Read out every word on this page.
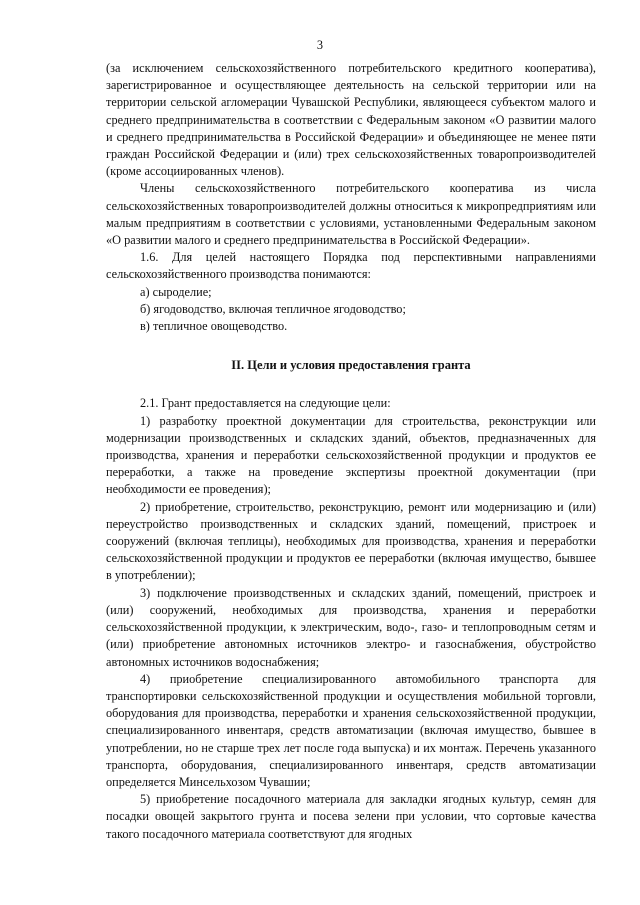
3

(за исключением сельскохозяйственного потребительского кредитного кооператива), зарегистрированное и осуществляющее деятельность на сельской территории или на территории сельской агломерации Чувашской Республики, являющееся субъектом малого и среднего предпринимательства в соответствии с Федеральным законом «О развитии малого и среднего предпринимательства в Российской Федерации» и объединяющее не менее пяти граждан Российской Федерации и (или) трех сельскохозяйственных товаропроизводителей (кроме ассоциированных членов).

Члены сельскохозяйственного потребительского кооператива из числа сельскохозяйственных товаропроизводителей должны относиться к микропредприятиям или малым предприятиям в соответствии с условиями, установленными Федеральным законом «О развитии малого и среднего предпринимательства в Российской Федерации».

1.6. Для целей настоящего Порядка под перспективными направлениями сельскохозяйственного производства понимаются:

а) сыроделие;

б) ягодоводство, включая тепличное ягодоводство;

в) тепличное овощеводство.

II. Цели и условия предоставления гранта

2.1. Грант предоставляется на следующие цели:

1) разработку проектной документации для строительства, реконструкции или модернизации производственных и складских зданий, объектов, предназначенных для производства, хранения и переработки сельскохозяйственной продукции и продуктов ее переработки, а также на проведение экспертизы проектной документации (при необходимости ее проведения);

2) приобретение, строительство, реконструкцию, ремонт или модернизацию и (или) переустройство производственных и складских зданий, помещений, пристроек и сооружений (включая теплицы), необходимых для производства, хранения и переработки сельскохозяйственной продукции и продуктов ее переработки (включая имущество, бывшее в употреблении);

3) подключение производственных и складских зданий, помещений, пристроек и (или) сооружений, необходимых для производства, хранения и переработки сельскохозяйственной продукции, к электрическим, водо-, газо- и теплопроводным сетям и (или) приобретение автономных источников электро- и газоснабжения, обустройство автономных источников водоснабжения;

4) приобретение специализированного автомобильного транспорта для транспортировки сельскохозяйственной продукции и осуществления мобильной торговли, оборудования для производства, переработки и хранения сельскохозяйственной продукции, специализированного инвентаря, средств автоматизации (включая имущество, бывшее в употреблении, но не старше трех лет после года выпуска) и их монтаж. Перечень указанного транспорта, оборудования, специализированного инвентаря, средств автоматизации определяется Минсельхозом Чувашии;

5) приобретение посадочного материала для закладки ягодных культур, семян для посадки овощей закрытого грунта и посева зелени при условии, что сортовые качества такого посадочного материала соответствуют для ягодных
